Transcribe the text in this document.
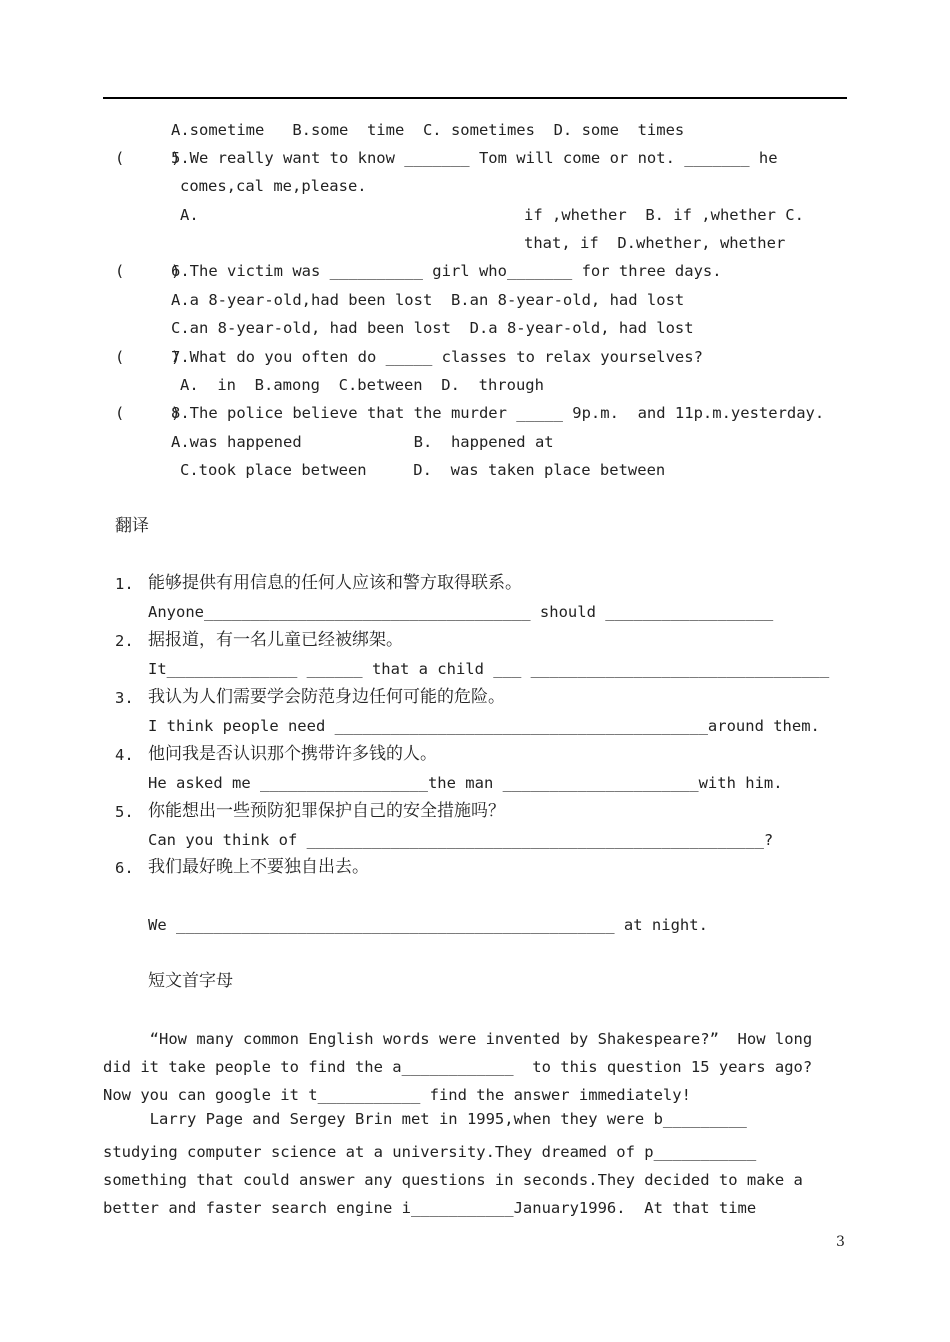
A.sometime   B.some  time  C. sometimes  D. some  times
(     )
5.We really want to know _______ Tom will come or not. _______ he
comes,cal me,please.
A.	if ,whether  B. if ,whether C.
that, if  D.whether, whether
(     )
6.The victim was __________ girl who_______ for three days.
A.a 8-year-old,had been lost  B.an 8-year-old, had lost
C.an 8-year-old, had been lost  D.a 8-year-old, had lost
(     )
7.What do you often do _____ classes to relax yourselves?
A.  in  B.among  C.between  D.  through
(     )
8.The police believe that the murder _____ 9p.m.  and 11p.m.yesterday.
A.was happened            B.  happened at
C.took place between     D.  was taken place between
翻译
1. 能够提供有用信息的任何人应该和警方取得联系。
Anyone___________________________________ should __________________
2. 据报道，有一名儿童已经被绑架。
It______________ ______ that a child ___ ________________________________
3. 我认为人们需要学会防范身边任何可能的危险。
I think people need ________________________________________around them.
4. 他问我是否认识那个携带许多钱的人。
He asked me __________________the man _____________________with him.
5. 你能想出一些预防犯罪保护自己的安全措施吗？
Can you think of _________________________________________________?
6. 我们最好晚上不要独自出去。
We _______________________________________________ at night.
短文首字母
“How many common English words were invented by Shakespeare?”  How long
did it take people to find the a____________  to this question 15 years ago?
Now you can google it t___________ find the answer immediately!
Larry Page and Sergey Brin met in 1995,when they were b_________
studying computer science at a university.They dreamed of p___________
something that could answer any questions in seconds.They decided to make a
better and faster search engine i___________January1996.  At that time
3
